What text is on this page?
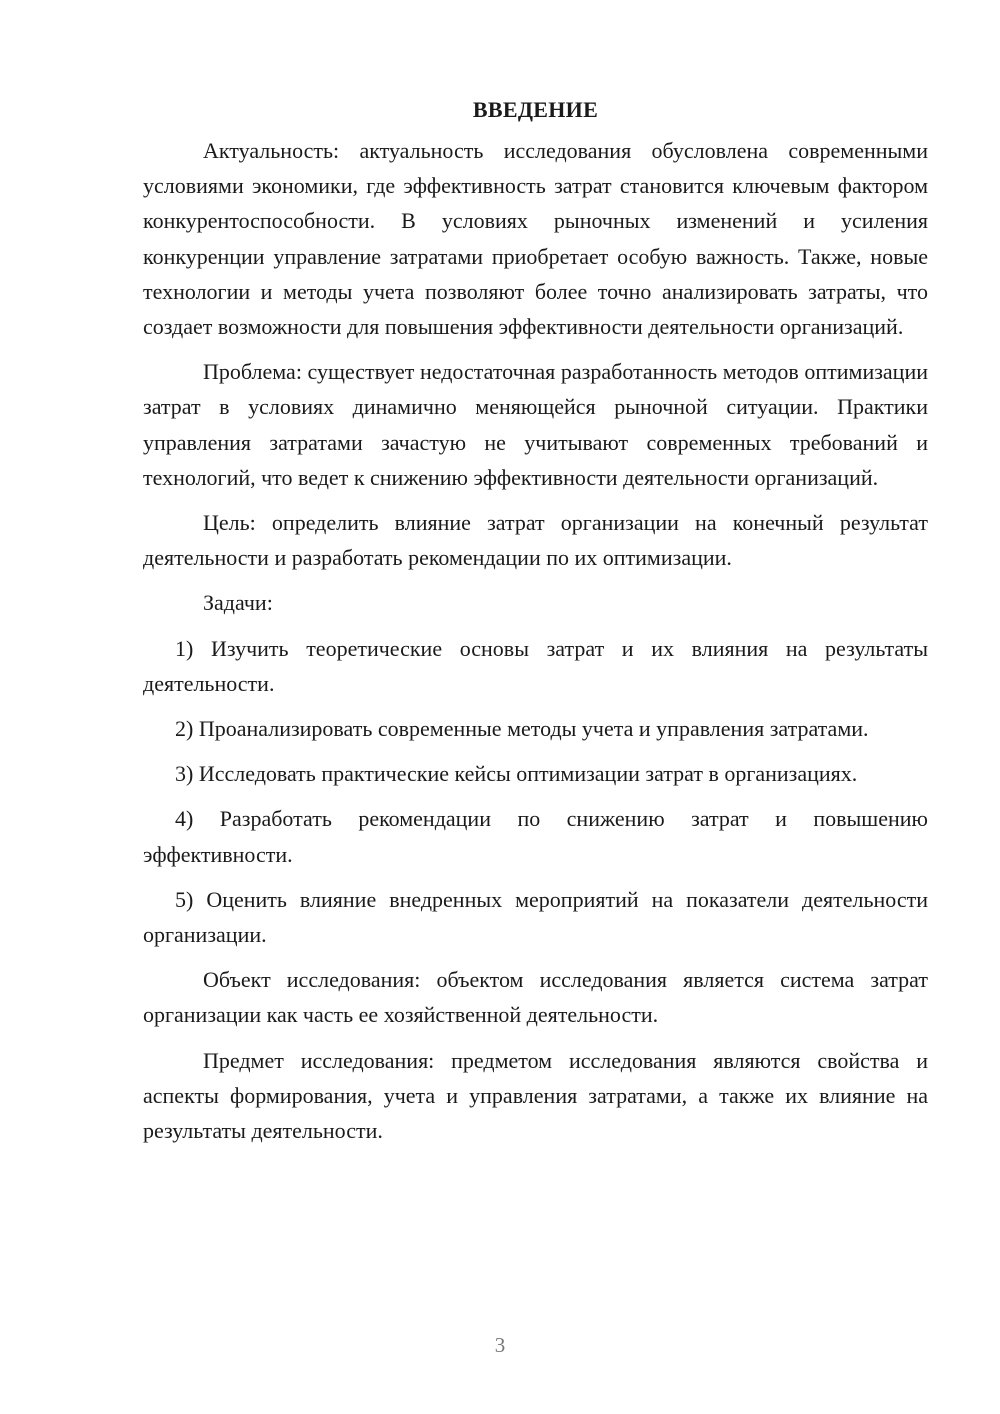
ВВЕДЕНИЕ

Актуальность: актуальность исследования обусловлена современными условиями экономики, где эффективность затрат становится ключевым фактором конкурентоспособности. В условиях рыночных изменений и усиления конкуренции управление затратами приобретает особую важность. Также, новые технологии и методы учета позволяют более точно анализировать затраты, что создает возможности для повышения эффективности деятельности организаций.

Проблема: существует недостаточная разработанность методов оптимизации затрат в условиях динамично меняющейся рыночной ситуации. Практики управления затратами зачастую не учитывают современных требований и технологий, что ведет к снижению эффективности деятельности организаций.

Цель: определить влияние затрат организации на конечный результат деятельности и разработать рекомендации по их оптимизации.

Задачи:

1) Изучить теоретические основы затрат и их влияния на результаты деятельности.

2) Проанализировать современные методы учета и управления затратами.

3) Исследовать практические кейсы оптимизации затрат в организациях.

4) Разработать рекомендации по снижению затрат и повышению эффективности.

5) Оценить влияние внедренных мероприятий на показатели деятельности организации.

Объект исследования: объектом исследования является система затрат организации как часть ее хозяйственной деятельности.

Предмет исследования: предметом исследования являются свойства и аспекты формирования, учета и управления затратами, а также их влияние на результаты деятельности.

3
